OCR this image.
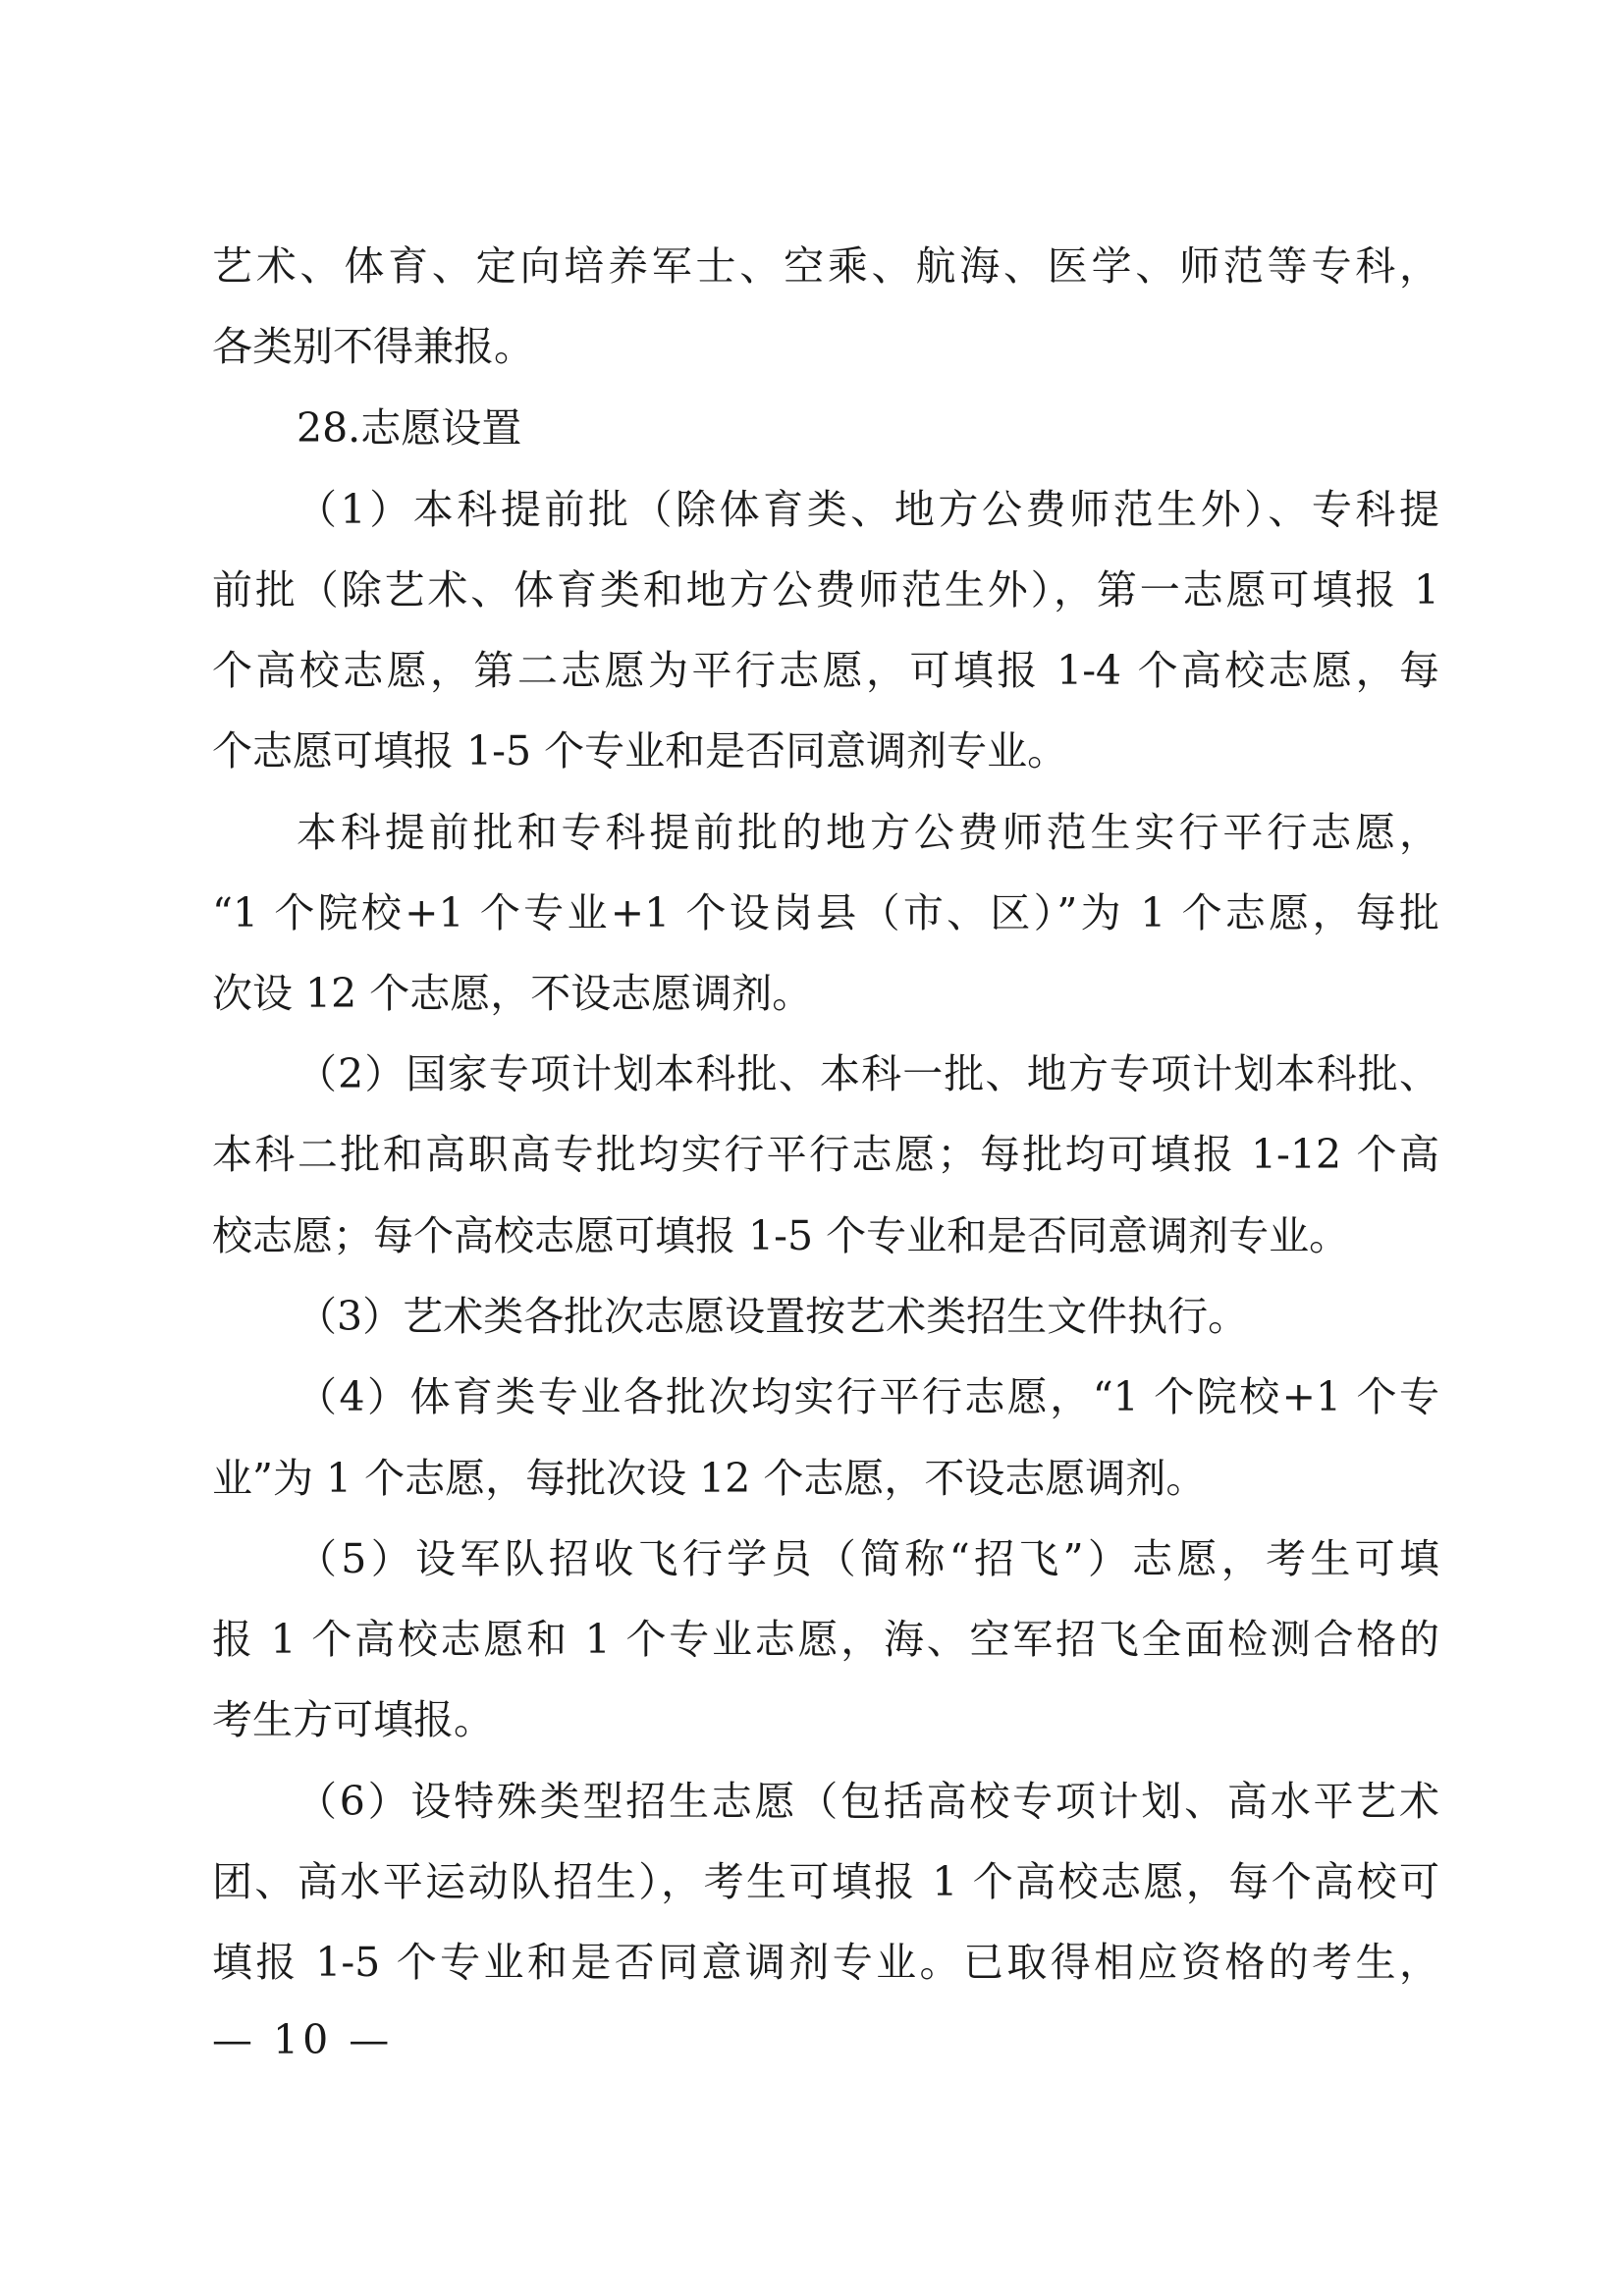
艺术、体育、定向培养军士、空乘、航海、医学、师范等专科，
各类别不得兼报。
28.志愿设置
（1）本科提前批（除体育类、地方公费师范生外）、专科提
前批（除艺术、体育类和地方公费师范生外），第一志愿可填报 1
个高校志愿，第二志愿为平行志愿，可填报 1-4 个高校志愿，每
个志愿可填报 1-5 个专业和是否同意调剂专业。
本科提前批和专科提前批的地方公费师范生实行平行志愿，
“1 个院校+1 个专业+1 个设岗县（市、区）”为 1 个志愿，每批
次设 12 个志愿，不设志愿调剂。
（2）国家专项计划本科批、本科一批、地方专项计划本科批、
本科二批和高职高专批均实行平行志愿；每批均可填报 1-12 个高
校志愿；每个高校志愿可填报 1-5 个专业和是否同意调剂专业。
（3）艺术类各批次志愿设置按艺术类招生文件执行。
（4）体育类专业各批次均实行平行志愿，“1 个院校+1 个专
业”为 1 个志愿，每批次设 12 个志愿，不设志愿调剂。
（5）设军队招收飞行学员（简称“招飞”）志愿，考生可填
报 1 个高校志愿和 1 个专业志愿，海、空军招飞全面检测合格的
考生方可填报。
（6）设特殊类型招生志愿（包括高校专项计划、高水平艺术
团、高水平运动队招生），考生可填报 1 个高校志愿，每个高校可
填报 1-5 个专业和是否同意调剂专业。已取得相应资格的考生，
— 10 —
